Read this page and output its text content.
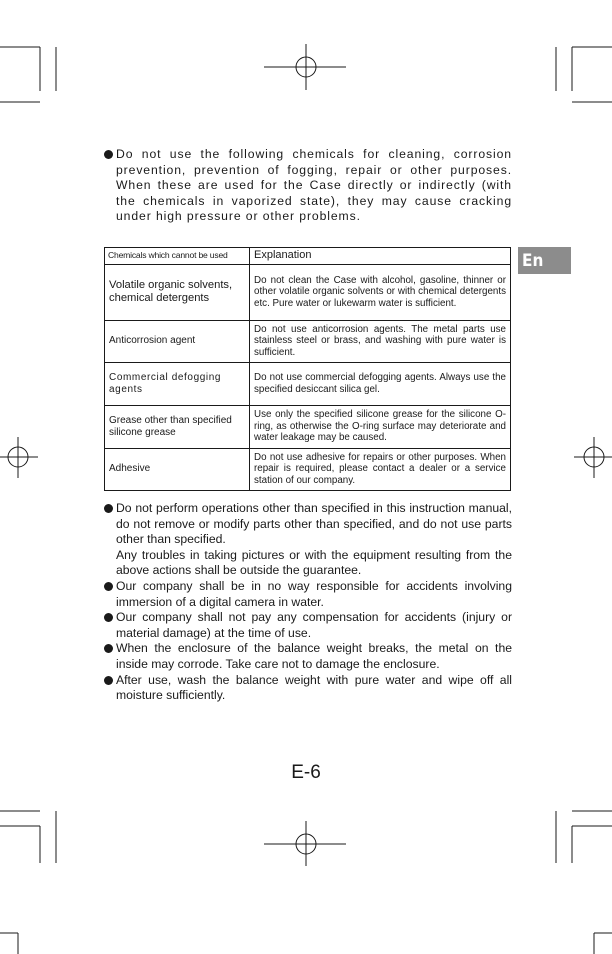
Do not use the following chemicals for cleaning, corrosion prevention, prevention of fogging, repair or other purposes. When these are used for the Case directly or indirectly (with the chemicals in vaporized state), they may cause cracking under high pressure or other problems.
Chemicals which cannot be used	Explanation
Volatile organic solvents, chemical detergents	Do not clean the Case with alcohol, gasoline, thinner or other volatile organic solvents or with chemical detergents etc. Pure water or lukewarm water is sufficient.
Anticorrosion agent	Do not use anticorrosion agents. The metal parts use stainless steel or brass, and washing with pure water is sufficient.
Commercial defogging agents	Do not use commercial defogging agents. Always use the specified desiccant silica gel.
Grease other than specified silicone grease	Use only the specified silicone grease for the silicone O-ring, as otherwise the O-ring surface may deteriorate and water leakage may be caused.
Adhesive	Do not use adhesive for repairs or other purposes. When repair is required, please contact a dealer or a service station of our company.
En
Do not perform operations other than specified in this instruction manual, do not remove or modify parts other than specified, and do not use parts other than specified.
Any troubles in taking pictures or with the equipment resulting from the above actions shall be outside the guarantee.
Our company shall be in no way responsible for accidents involving immersion of a digital camera in water.
Our company shall not pay any compensation for accidents (injury or material damage) at the time of use.
When the enclosure of the balance weight breaks, the metal on the inside may corrode. Take care not to damage the enclosure.
After use, wash the balance weight with pure water and wipe off all moisture sufficiently.
E-6
